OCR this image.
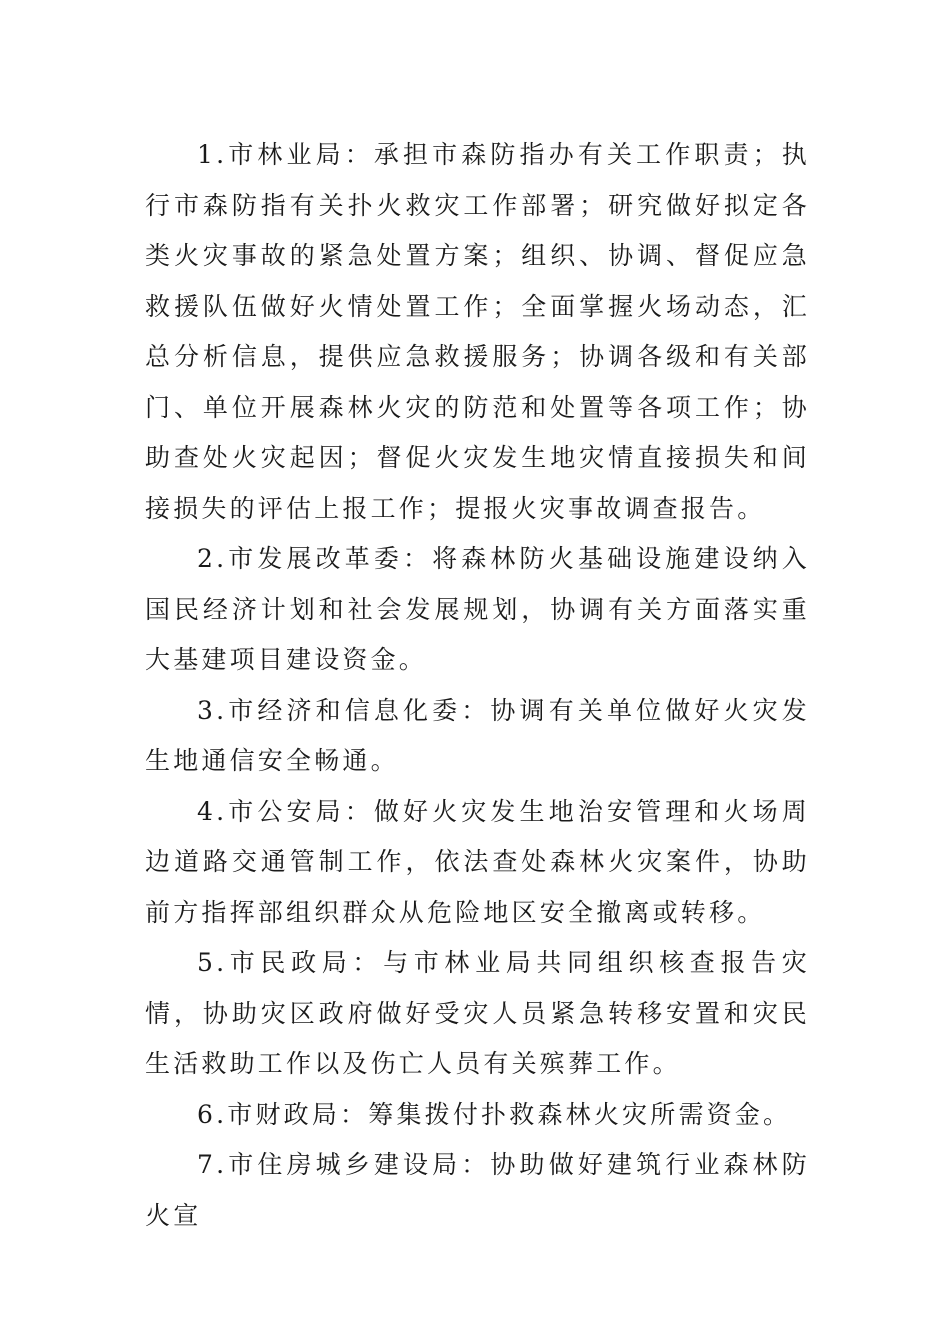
1.市林业局：承担市森防指办有关工作职责；执行市森防指有关扑火救灾工作部署；研究做好拟定各类火灾事故的紧急处置方案；组织、协调、督促应急救援队伍做好火情处置工作；全面掌握火场动态，汇总分析信息，提供应急救援服务；协调各级和有关部门、单位开展森林火灾的防范和处置等各项工作；协助查处火灾起因；督促火灾发生地灾情直接损失和间接损失的评估上报工作；提报火灾事故调查报告。

2.市发展改革委：将森林防火基础设施建设纳入国民经济计划和社会发展规划，协调有关方面落实重大基建项目建设资金。

3.市经济和信息化委：协调有关单位做好火灾发生地通信安全畅通。

4.市公安局：做好火灾发生地治安管理和火场周边道路交通管制工作，依法查处森林火灾案件，协助前方指挥部组织群众从危险地区安全撤离或转移。

5.市民政局：与市林业局共同组织核查报告灾情，协助灾区政府做好受灾人员紧急转移安置和灾民生活救助工作以及伤亡人员有关殡葬工作。

6.市财政局：筹集拨付扑救森林火灾所需资金。

7.市住房城乡建设局：协助做好建筑行业森林防火宣
